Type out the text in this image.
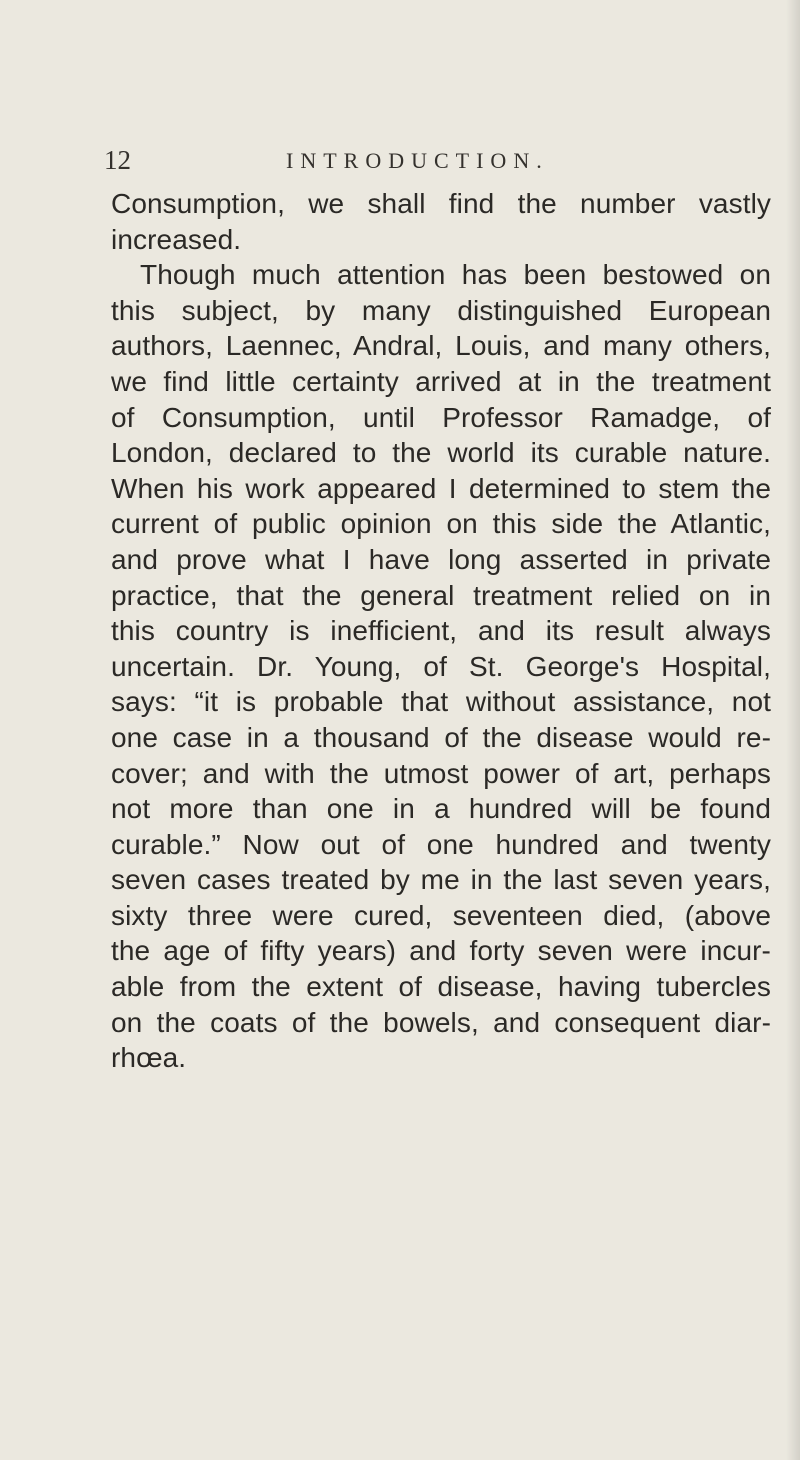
12	INTRODUCTION.
Consumption, we shall find the number vastly
increased.
Though much attention has been bestowed on
this subject, by many distinguished European
authors, Laennec, Andral, Louis, and many others,
we find little certainty arrived at in the treatment
of Consumption, until Professor Ramadge, of
London, declared to the world its curable nature.
When his work appeared I determined to stem the
current of public opinion on this side the Atlantic,
and prove what I have long asserted in private
practice, that the general treatment relied on in
this country is inefficient, and its result always
uncertain. Dr. Young, of St. George's Hospital,
says: “it is probable that without assistance, not
one case in a thousand of the disease would re-
cover; and with the utmost power of art, perhaps
not more than one in a hundred will be found
curable.” Now out of one hundred and twenty
seven cases treated by me in the last seven years,
sixty three were cured, seventeen died, (above
the age of fifty years) and forty seven were incur-
able from the extent of disease, having tubercles
on the coats of the bowels, and consequent diar-
rhœa.
